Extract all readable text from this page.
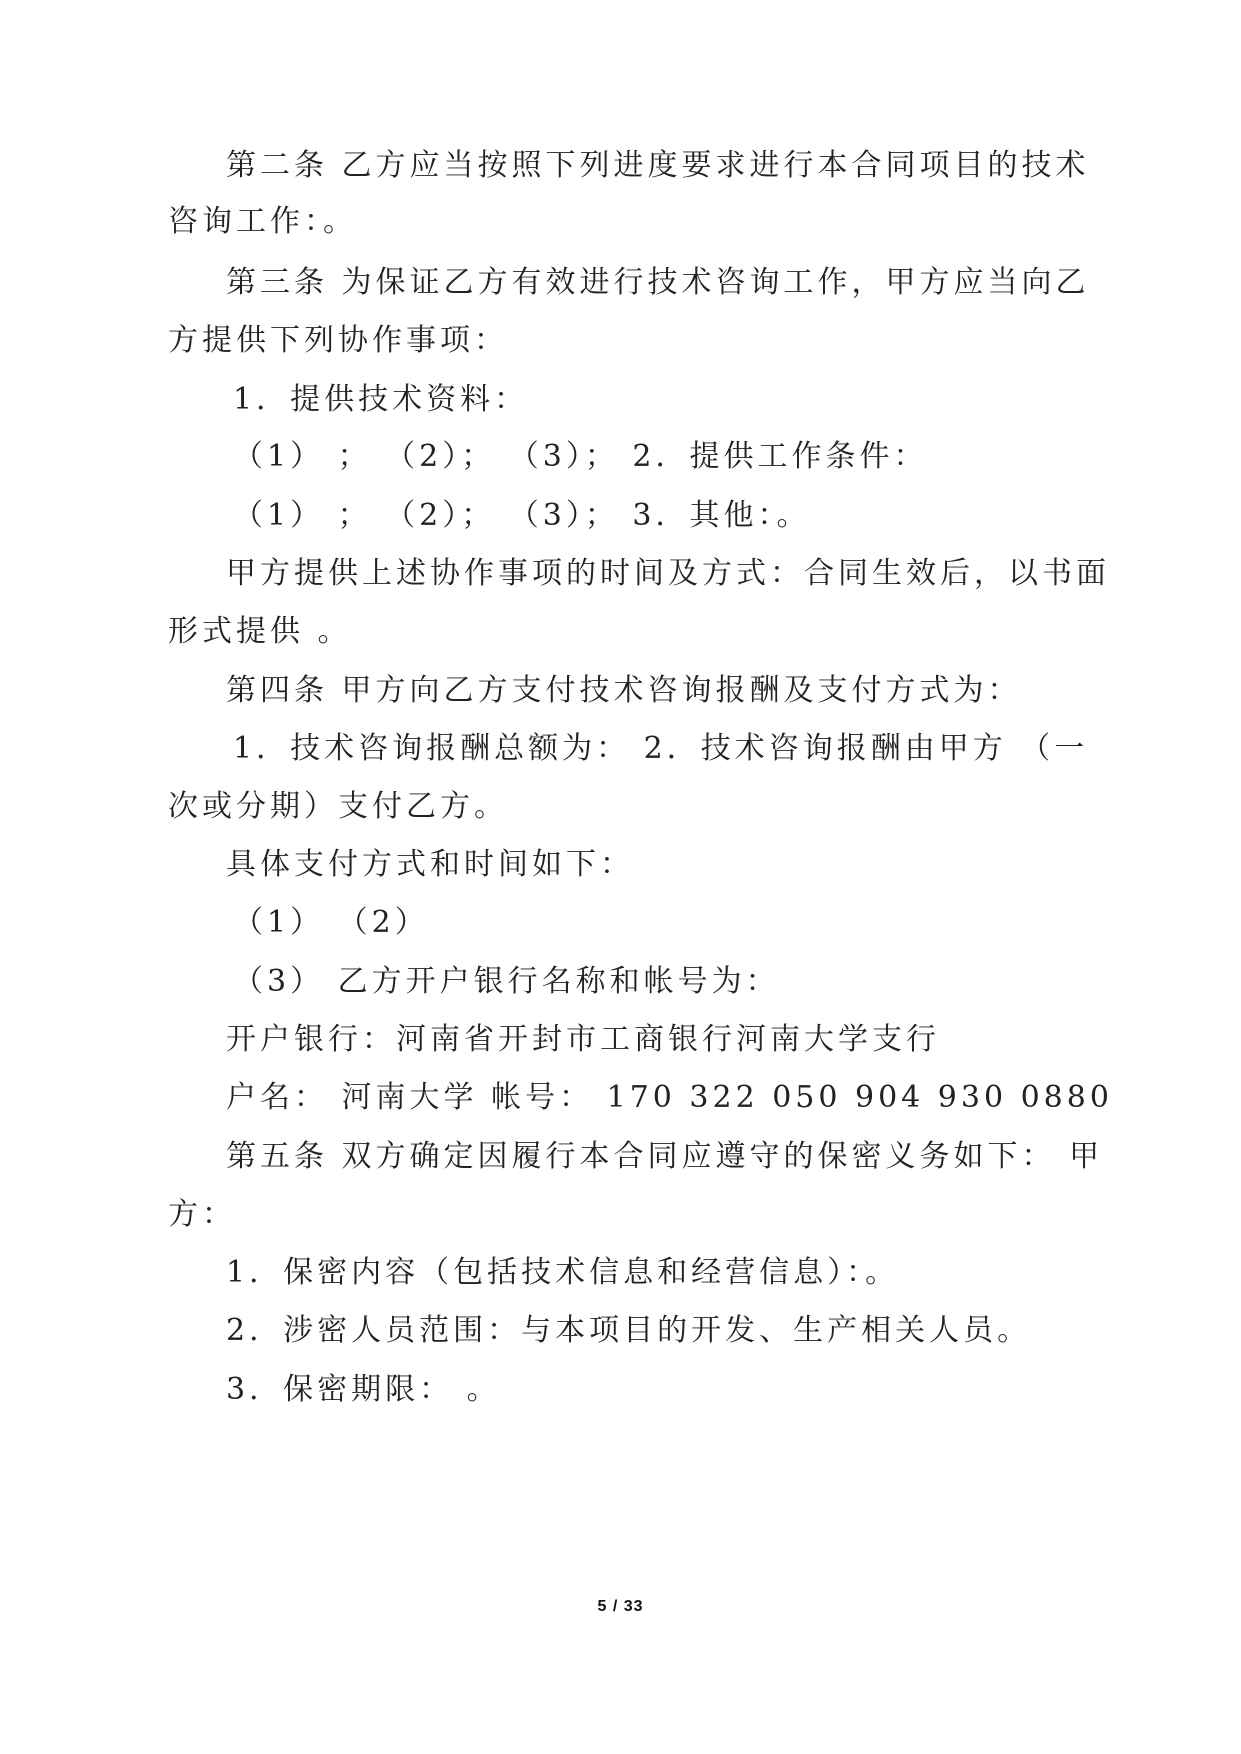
第二条 乙方应当按照下列进度要求进行本合同项目的技术
咨询工作：。
第三条 为保证乙方有效进行技术咨询工作，甲方应当向乙
方提供下列协作事项：
1．提供技术资料：
（1） ； （2）； （3）； 2．提供工作条件：
（1） ； （2）； （3）； 3．其他：。
甲方提供上述协作事项的时间及方式：合同生效后，以书面
形式提供 。
第四条 甲方向乙方支付技术咨询报酬及支付方式为：
1．技术咨询报酬总额为： 2．技术咨询报酬由甲方 （一
次或分期）支付乙方。
具体支付方式和时间如下：
（1） （2）
（3） 乙方开户银行名称和帐号为：
开户银行：河南省开封市工商银行河南大学支行
户名： 河南大学 帐号： 170 322 050 904 930 0880
第五条 双方确定因履行本合同应遵守的保密义务如下： 甲
方：
1．保密内容（包括技术信息和经营信息）：。
2．涉密人员范围：与本项目的开发、生产相关人员。
3．保密期限： 。
5 / 33
